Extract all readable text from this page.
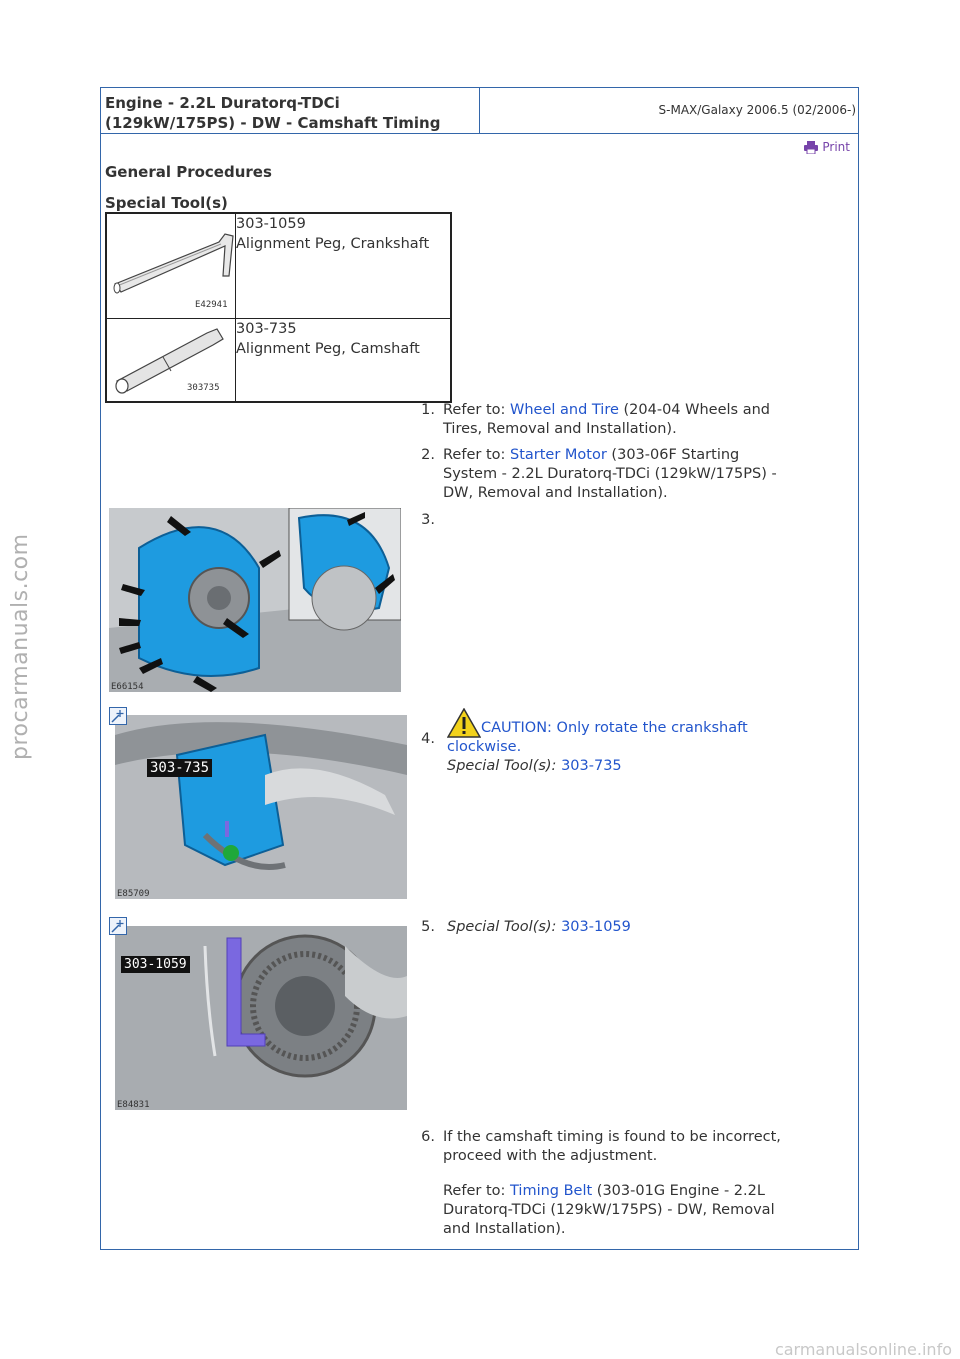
Engine - 2.2L Duratorq-TDCi
(129kW/175PS) - DW - Camshaft Timing
S-MAX/Galaxy 2006.5 (02/2006-)
Print
General Procedures
Special Tool(s)
E42941	303-1059
Alignment Peg, Crankshaft

303735	303-735
Alignment Peg, Camshaft
1. Refer to: Wheel and Tire (204-04 Wheels and
Tires, Removal and Installation).
2. Refer to: Starter Motor (303-06F Starting
System - 2.2L Duratorq-TDCi (129kW/175PS) -
DW, Removal and Installation).
E66154
3.
303-735
E85709
4.
CAUTION: Only rotate the crankshaft
clockwise.
Special Tool(s): 303-735
303-1059
E84831
5. Special Tool(s): 303-1059
6. If the camshaft timing is found to be incorrect,
proceed with the adjustment.
Refer to: Timing Belt (303-01G Engine - 2.2L
Duratorq-TDCi (129kW/175PS) - DW, Removal
and Installation).
procarmanuals.com
carmanualsonline.info
